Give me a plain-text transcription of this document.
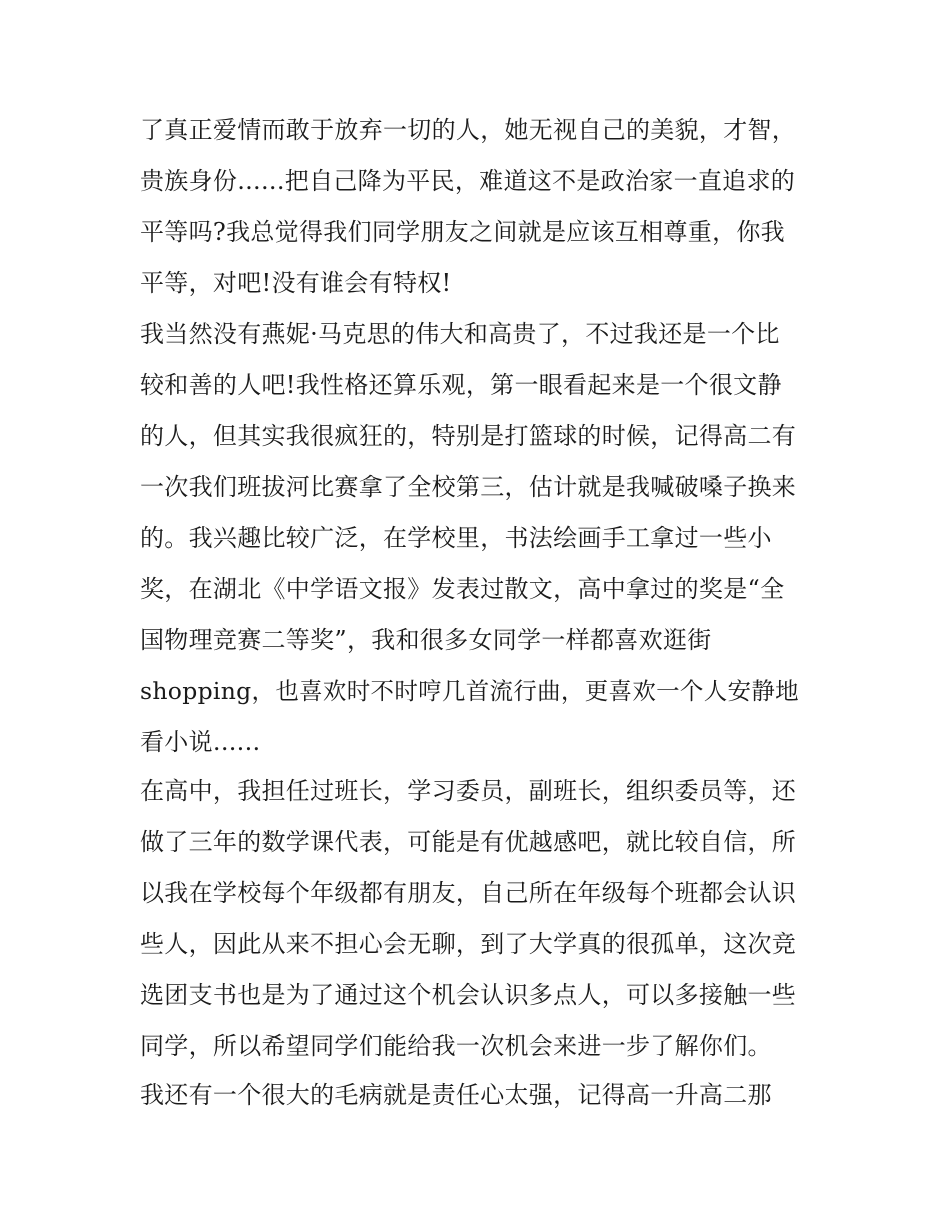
了真正爱情而敢于放弃一切的人，她无视自己的美貌，才智，

贵族身份......把自己降为平民，难道这不是政治家一直追求的

平等吗?我总觉得我们同学朋友之间就是应该互相尊重，你我

平等，对吧!没有谁会有特权!

我当然没有燕妮·马克思的伟大和高贵了，不过我还是一个比

较和善的人吧!我性格还算乐观，第一眼看起来是一个很文静

的人，但其实我很疯狂的，特别是打篮球的时候，记得高二有

一次我们班拔河比赛拿了全校第三，估计就是我喊破嗓子换来

的。我兴趣比较广泛，在学校里，书法绘画手工拿过一些小

奖，在湖北《中学语文报》发表过散文，高中拿过的奖是“全

国物理竞赛二等奖”，我和很多女同学一样都喜欢逛街

shopping，也喜欢时不时哼几首流行曲，更喜欢一个人安静地

看小说......

在高中，我担任过班长，学习委员，副班长，组织委员等，还

做了三年的数学课代表，可能是有优越感吧，就比较自信，所

以我在学校每个年级都有朋友，自己所在年级每个班都会认识

些人，因此从来不担心会无聊，到了大学真的很孤单，这次竞

选团支书也是为了通过这个机会认识多点人，可以多接触一些

同学，所以希望同学们能给我一次机会来进一步了解你们。

我还有一个很大的毛病就是责任心太强，记得高一升高二那
